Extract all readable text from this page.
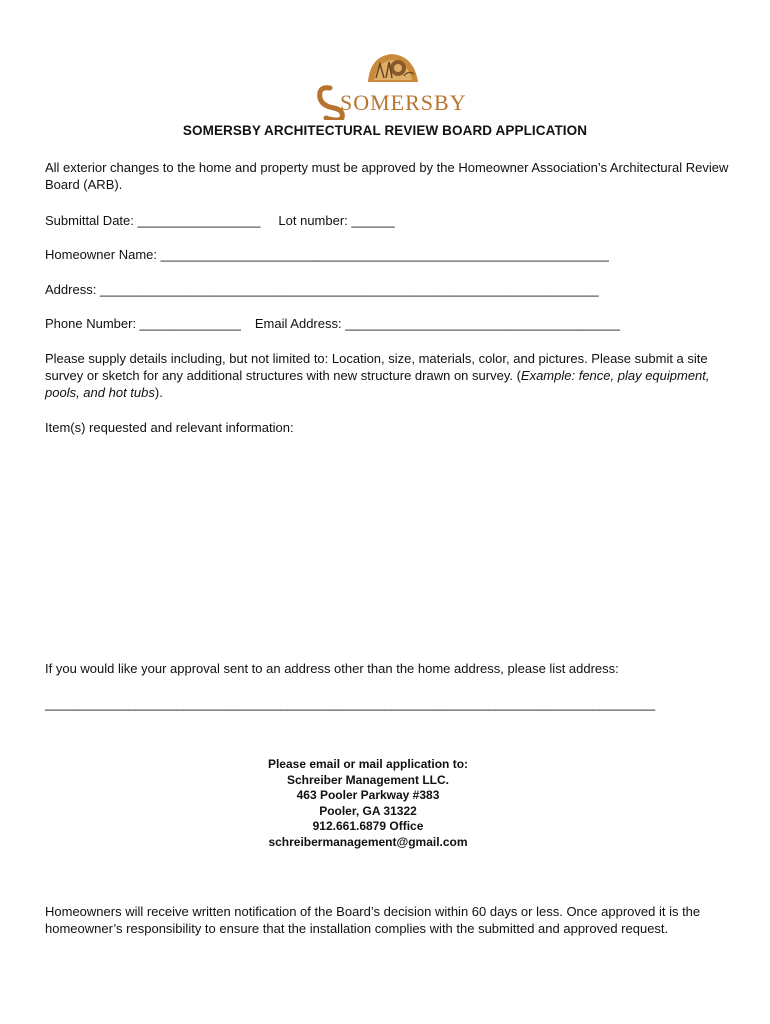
SOMERSBY
SOMERSBY ARCHITECTURAL REVIEW BOARD APPLICATION
All exterior changes to the home and property must be approved by the Homeowner Association’s Architectural Review Board (ARB).
Submittal Date: _________________ Lot number: ______
Homeowner Name: ______________________________________________________________
Address: _____________________________________________________________________
Phone Number: ______________ Email Address: ______________________________________
Please supply details including, but not limited to: Location, size, materials, color, and pictures. Please submit a site survey or sketch for any additional structures with new structure drawn on survey. (Example: fence, play equipment, pools, and hot tubs).
Item(s) requested and relevant information:
If you would like your approval sent to an address other than the home address, please list address:
________________________________________________________________________________________
Please email or mail application to:
Schreiber Management LLC.
463 Pooler Parkway #383
Pooler, GA 31322
912.661.6879 Office
schreibermanagement@gmail.com
Homeowners will receive written notification of the Board’s decision within 60 days or less. Once approved it is the homeowner’s responsibility to ensure that the installation complies with the submitted and approved request.
